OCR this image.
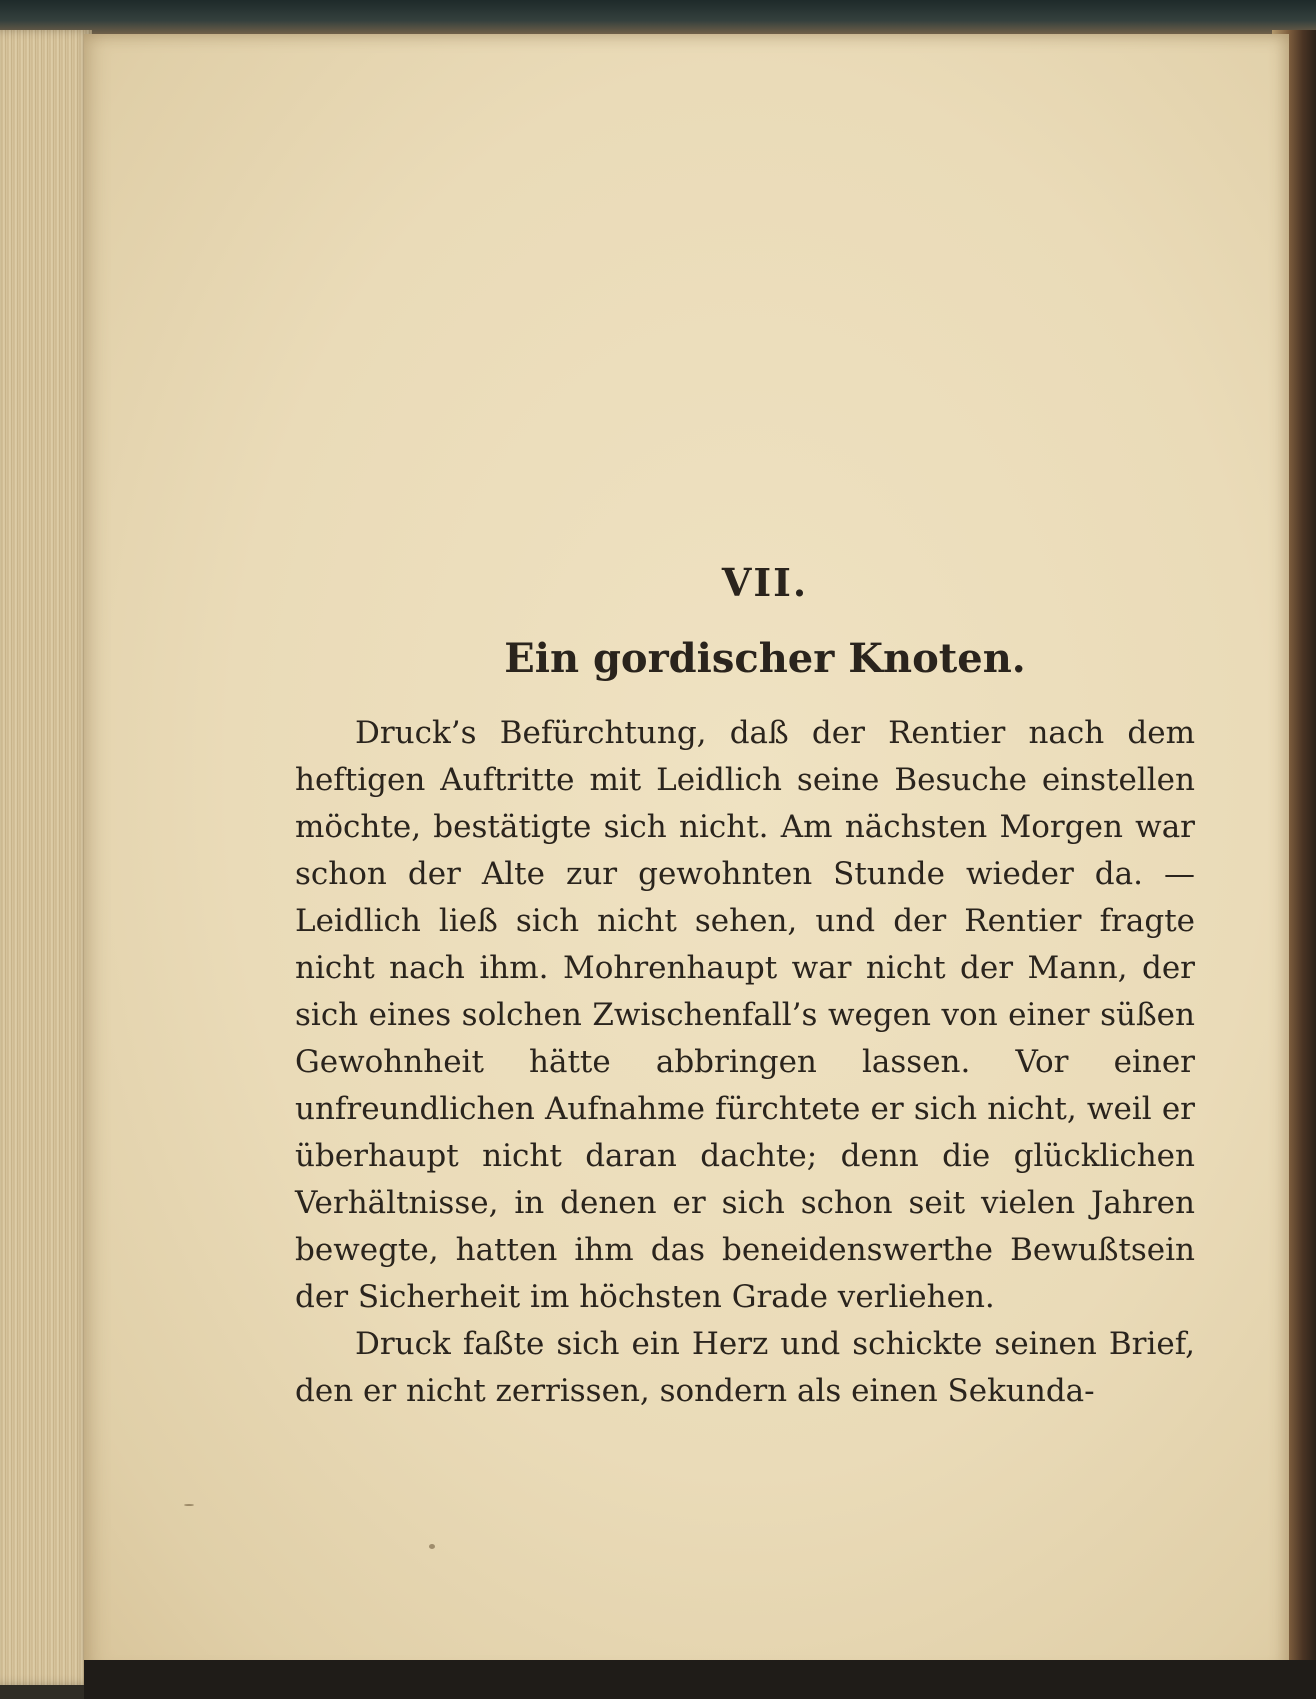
VII.
Ein gordischer Knoten.

Druck’s Befürchtung, daß der Rentier nach dem heftigen Auftritte mit Leidlich seine Besuche einstellen möchte, bestätigte sich nicht. Am nächsten Morgen war schon der Alte zur gewohnten Stunde wieder da. — Leidlich ließ sich nicht sehen, und der Rentier fragte nicht nach ihm. Mohrenhaupt war nicht der Mann, der sich eines solchen Zwischenfall’s wegen von einer süßen Gewohnheit hätte abbringen lassen. Vor einer unfreundlichen Aufnahme fürchtete er sich nicht, weil er überhaupt nicht daran dachte; denn die glücklichen Verhältnisse, in denen er sich schon seit vielen Jahren bewegte, hatten ihm das beneidenswerthe Bewußtsein der Sicherheit im höchsten Grade verliehen.

Druck faßte sich ein Herz und schickte seinen Brief, den er nicht zerrissen, sondern als einen Sekunda-
